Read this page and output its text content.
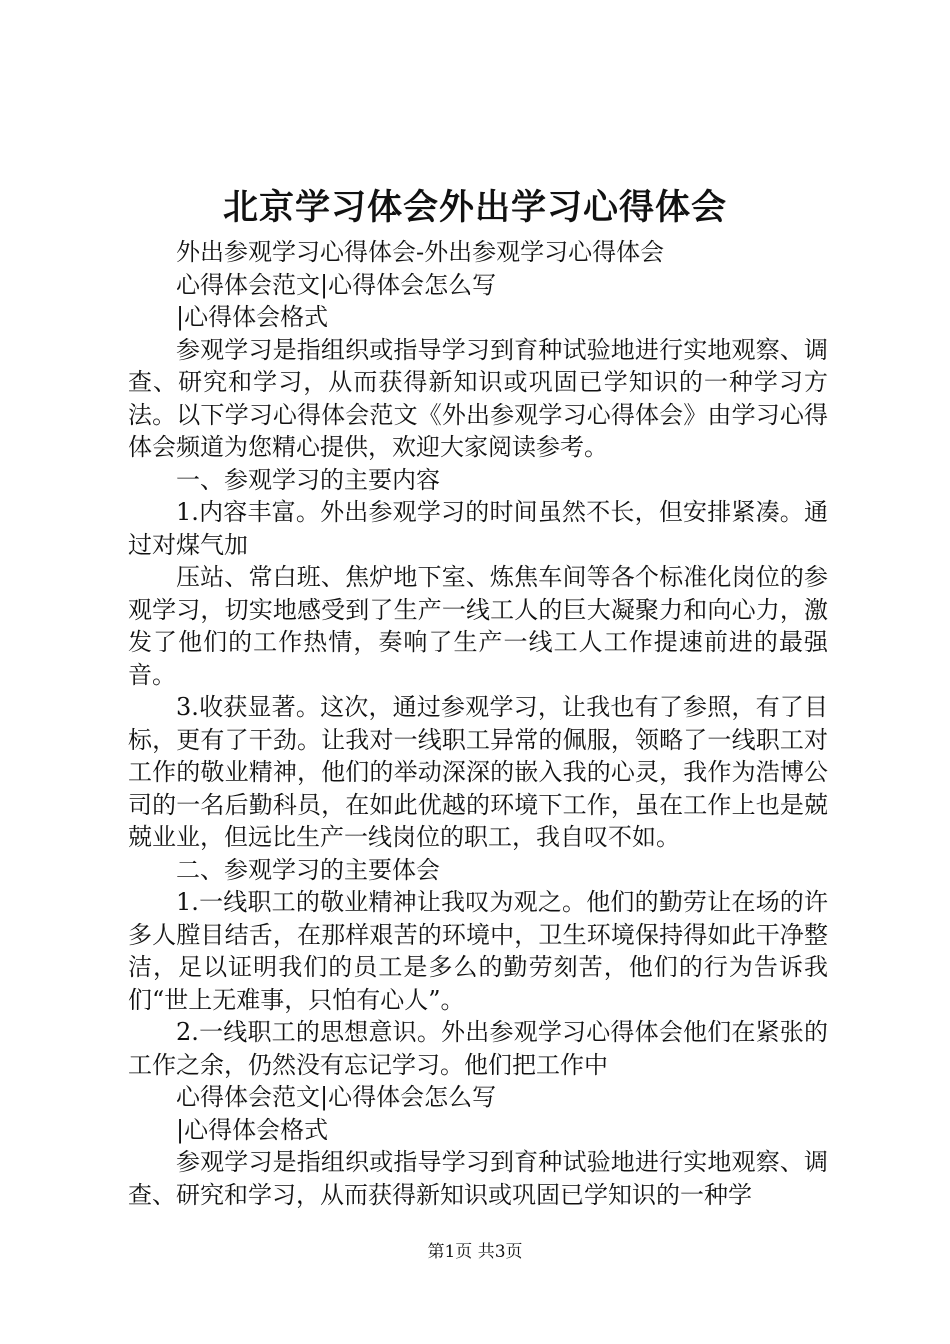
北京学习体会外出学习心得体会

外出参观学习心得体会-外出参观学习心得体会

心得体会范文|心得体会怎么写

|心得体会格式

参观学习是指组织或指导学习到育种试验地进行实地观察、调查、研究和学习，从而获得新知识或巩固已学知识的一种学习方法。以下学习心得体会范文《外出参观学习心得体会》由学习心得体会频道为您精心提供，欢迎大家阅读参考。

一、参观学习的主要内容

1.内容丰富。外出参观学习的时间虽然不长，但安排紧凑。通过对煤气加

压站、常白班、焦炉地下室、炼焦车间等各个标准化岗位的参观学习，切实地感受到了生产一线工人的巨大凝聚力和向心力，激发了他们的工作热情，奏响了生产一线工人工作提速前进的最强音。

3.收获显著。这次，通过参观学习，让我也有了参照，有了目标，更有了干劲。让我对一线职工异常的佩服，领略了一线职工对工作的敬业精神，他们的举动深深的嵌入我的心灵，我作为浩博公司的一名后勤科员，在如此优越的环境下工作，虽在工作上也是兢兢业业，但远比生产一线岗位的职工，我自叹不如。

二、参观学习的主要体会

1.一线职工的敬业精神让我叹为观之。他们的勤劳让在场的许多人膛目结舌，在那样艰苦的环境中，卫生环境保持得如此干净整洁，足以证明我们的员工是多么的勤劳刻苦，他们的行为告诉我们“世上无难事，只怕有心人”。

2.一线职工的思想意识。外出参观学习心得体会他们在紧张的工作之余，仍然没有忘记学习。他们把工作中

心得体会范文|心得体会怎么写

|心得体会格式

参观学习是指组织或指导学习到育种试验地进行实地观察、调查、研究和学习，从而获得新知识或巩固已学知识的一种学

第1页 共3页
